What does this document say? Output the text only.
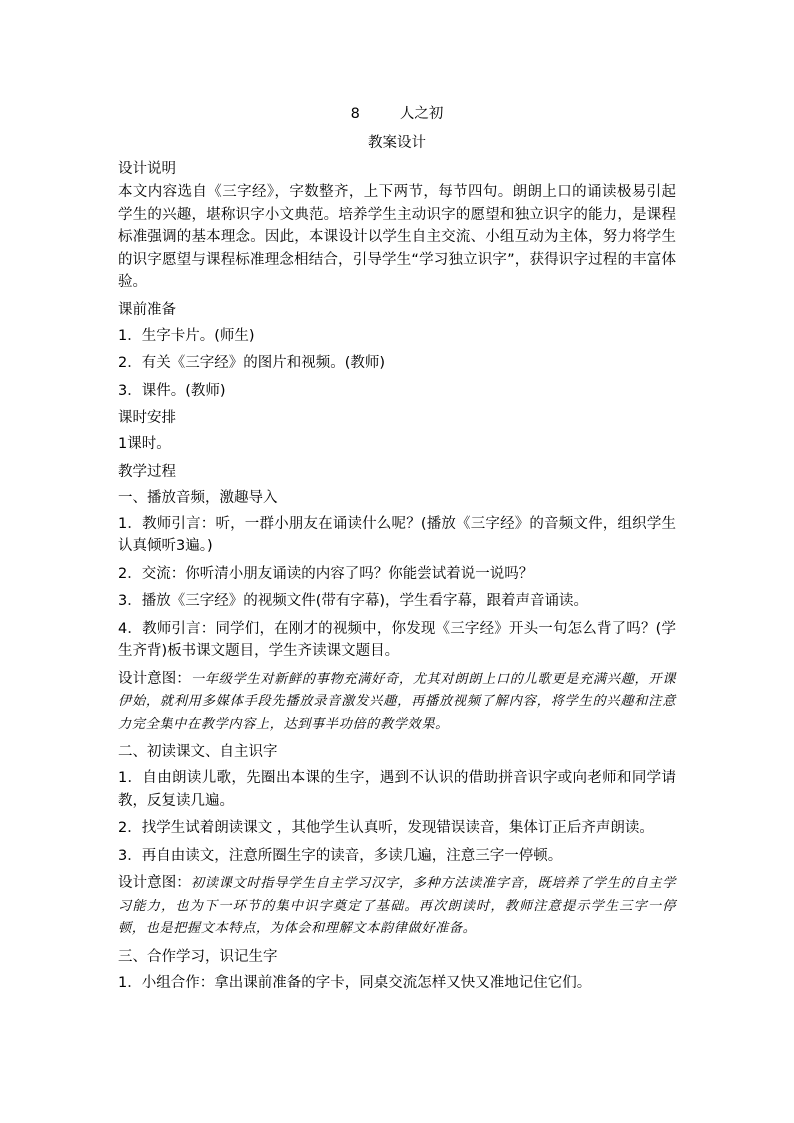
8	人之初
教案设计
设计说明
本文内容选自《三字经》，字数整齐，上下两节，每节四句。朗朗上口的诵读极易引起学生的兴趣，堪称识字小文典范。培养学生主动识字的愿望和独立识字的能力，是课程标准强调的基本理念。因此，本课设计以学生自主交流、小组互动为主体，努力将学生的识字愿望与课程标准理念相结合，引导学生“学习独立识字”，获得识字过程的丰富体验。
课前准备
1．生字卡片。(师生)
2．有关《三字经》的图片和视频。(教师)
3．课件。(教师)
课时安排
1课时。
教学过程
一、播放音频，激趣导入
1．教师引言：听，一群小朋友在诵读什么呢？(播放《三字经》的音频文件，组织学生认真倾听3遍。)
2．交流：你听清小朋友诵读的内容了吗？你能尝试着说一说吗？
3．播放《三字经》的视频文件(带有字幕)，学生看字幕，跟着声音诵读。
4．教师引言：同学们，在刚才的视频中，你发现《三字经》开头一句怎么背了吗？(学生齐背)板书课文题目，学生齐读课文题目。
设计意图：一年级学生对新鲜的事物充满好奇，尤其对朗朗上口的儿歌更是充满兴趣，开课伊始，就利用多媒体手段先播放录音激发兴趣，再播放视频了解内容，将学生的兴趣和注意力完全集中在教学内容上，达到事半功倍的教学效果。
二、初读课文、自主识字
1．自由朗读儿歌，先圈出本课的生字，遇到不认识的借助拼音识字或向老师和同学请教，反复读几遍。
2．找学生试着朗读课文 ，其他学生认真听，发现错误读音，集体订正后齐声朗读。
3．再自由读文，注意所圈生字的读音，多读几遍，注意三字一停顿。
设计意图：初读课文时指导学生自主学习汉字，多种方法读准字音，既培养了学生的自主学习能力，也为下一环节的集中识字奠定了基础。再次朗读时，教师注意提示学生三字一停顿，也是把握文本特点，为体会和理解文本韵律做好准备。
三、合作学习，识记生字
1．小组合作：拿出课前准备的字卡，同桌交流怎样又快又准地记住它们。
